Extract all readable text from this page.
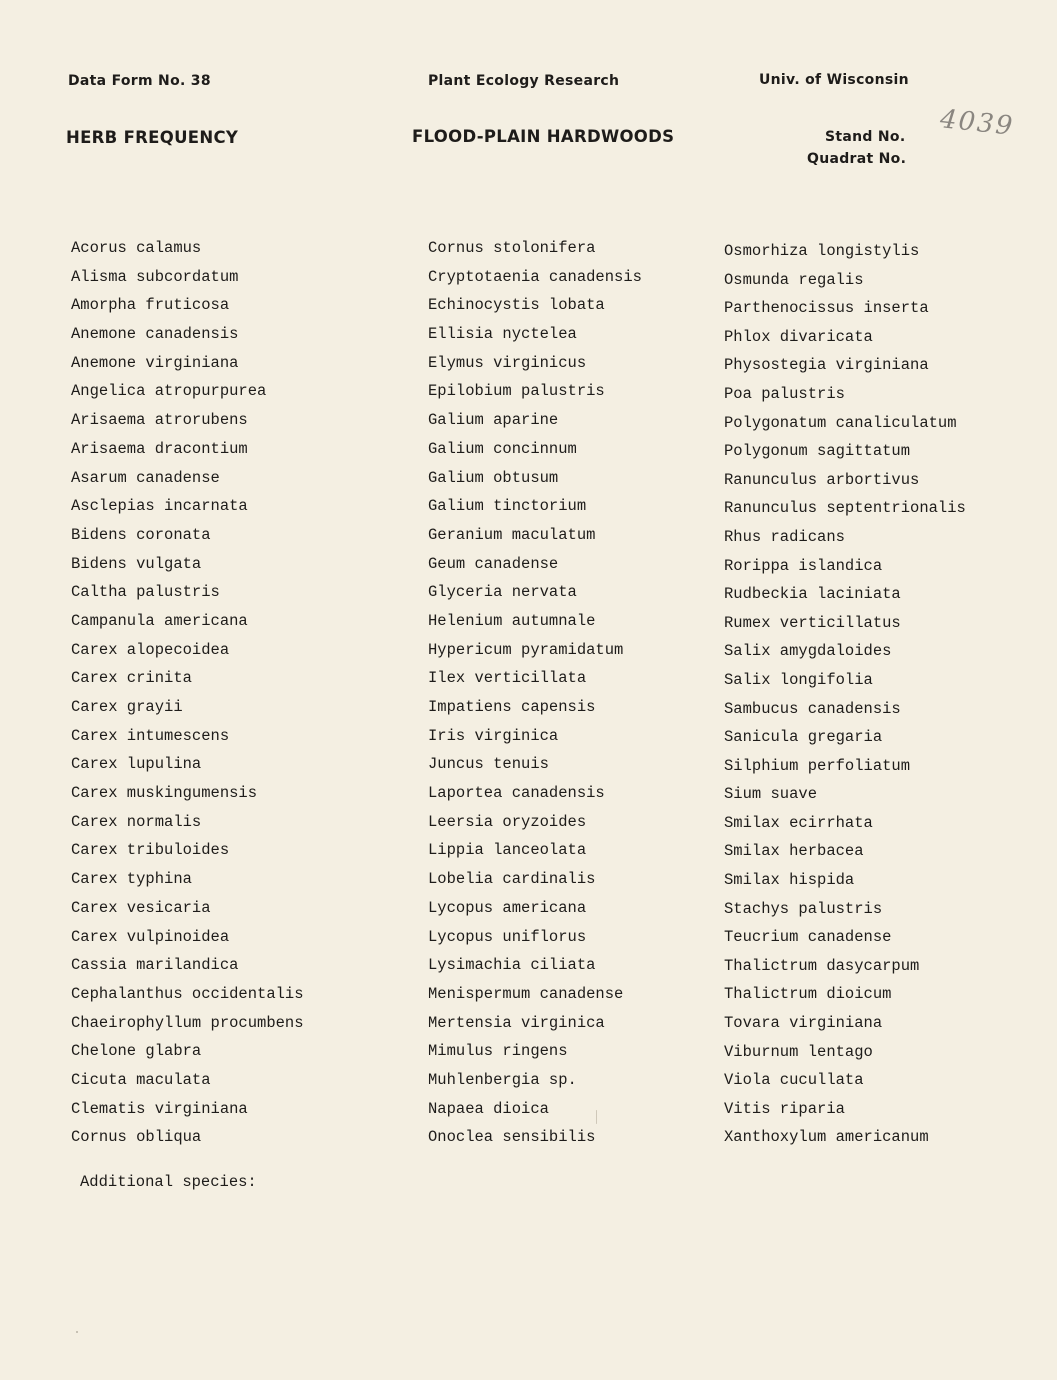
Data Form No. 38	Plant Ecology Research	Univ. of Wisconsin
HERB FREQUENCY	FLOOD-PLAIN HARDWOODS	Stand No.
Quadrat No.
4039
Acorus calamus
Alisma subcordatum
Amorpha fruticosa
Anemone canadensis
Anemone virginiana
Angelica atropurpurea
Arisaema atrorubens
Arisaema dracontium
Asarum canadense
Asclepias incarnata
Bidens coronata
Bidens vulgata
Caltha palustris
Campanula americana
Carex alopecoidea
Carex crinita
Carex grayii
Carex intumescens
Carex lupulina
Carex muskingumensis
Carex normalis
Carex tribuloides
Carex typhina
Carex vesicaria
Carex vulpinoidea
Cassia marilandica
Cephalanthus occidentalis
Chaeirophyllum procumbens
Chelone glabra
Cicuta maculata
Clematis virginiana
Cornus obliqua
Cornus stolonifera
Cryptotaenia canadensis
Echinocystis lobata
Ellisia nyctelea
Elymus virginicus
Epilobium palustris
Galium aparine
Galium concinnum
Galium obtusum
Galium tinctorium
Geranium maculatum
Geum canadense
Glyceria nervata
Helenium autumnale
Hypericum pyramidatum
Ilex verticillata
Impatiens capensis
Iris virginica
Juncus tenuis
Laportea canadensis
Leersia oryzoides
Lippia lanceolata
Lobelia cardinalis
Lycopus americana
Lycopus uniflorus
Lysimachia ciliata
Menispermum canadense
Mertensia virginica
Mimulus ringens
Muhlenbergia sp.
Napaea dioica
Onoclea sensibilis
Osmorhiza longistylis
Osmunda regalis
Parthenocissus inserta
Phlox divaricata
Physostegia virginiana
Poa palustris
Polygonatum canaliculatum
Polygonum sagittatum
Ranunculus arbortivus
Ranunculus septentrionalis
Rhus radicans
Rorippa islandica
Rudbeckia laciniata
Rumex verticillatus
Salix amygdaloides
Salix longifolia
Sambucus canadensis
Sanicula gregaria
Silphium perfoliatum
Sium suave
Smilax ecirrhata
Smilax herbacea
Smilax hispida
Stachys palustris
Teucrium canadense
Thalictrum dasycarpum
Thalictrum dioicum
Tovara virginiana
Viburnum lentago
Viola cucullata
Vitis riparia
Xanthoxylum americanum
Additional species:
